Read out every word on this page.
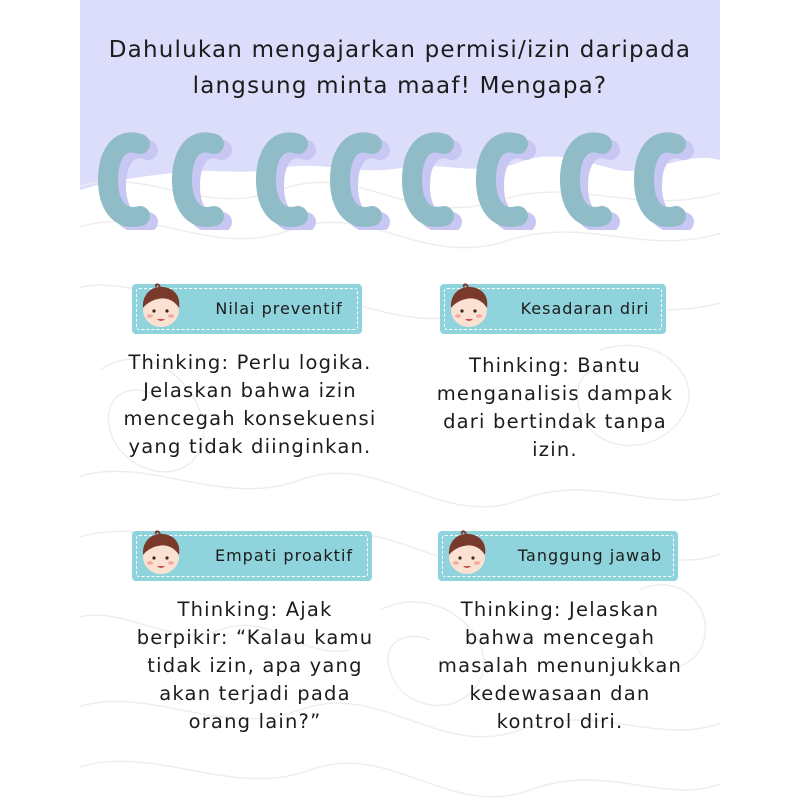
Dahulukan mengajarkan permisi/izin daripada
langsung minta maaf! Mengapa?
Nilai preventif

Thinking: Perlu logika.
Jelaskan bahwa izin
mencegah konsekuensi
yang tidak diinginkan.

Kesadaran diri

Thinking: Bantu
menganalisis dampak
dari bertindak tanpa
izin.

Empati proaktif

Thinking: Ajak
berpikir: “Kalau kamu
tidak izin, apa yang
akan terjadi pada
orang lain?”

Tanggung jawab

Thinking: Jelaskan
bahwa mencegah
masalah menunjukkan
kedewasaan dan
kontrol diri.
